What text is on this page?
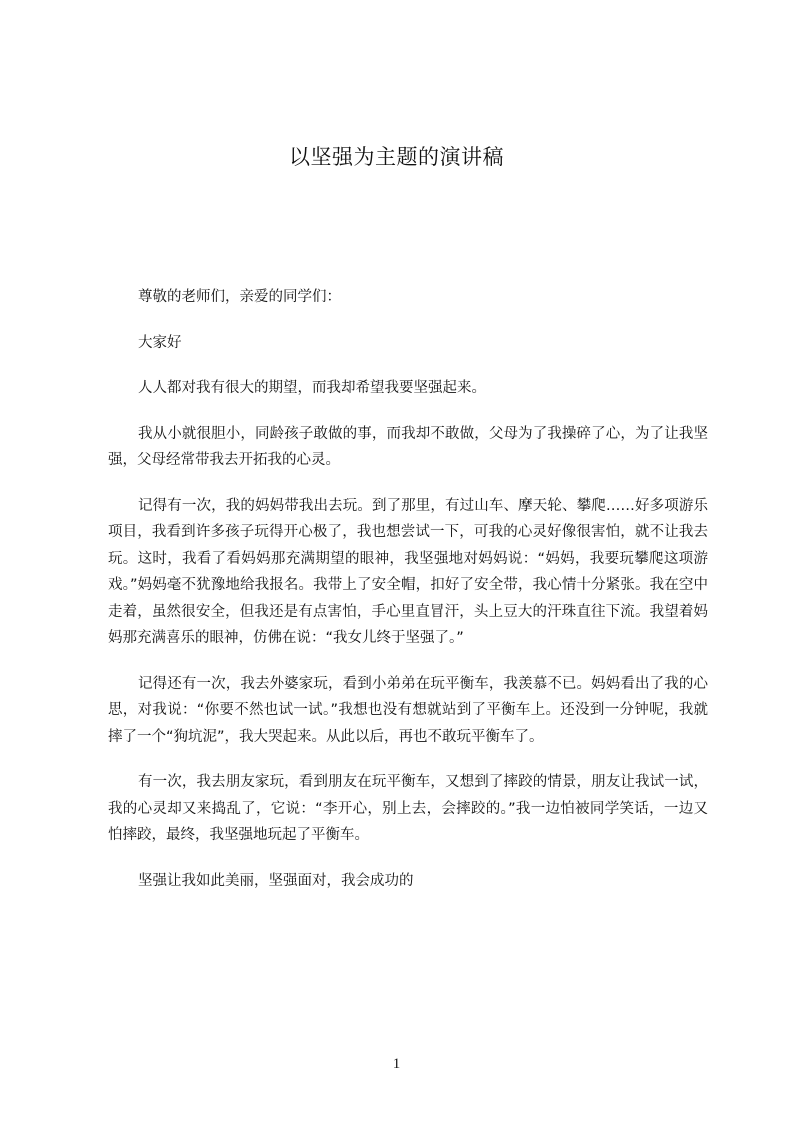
以坚强为主题的演讲稿

尊敬的老师们，亲爱的同学们：

大家好

人人都对我有很大的期望，而我却希望我要坚强起来。

我从小就很胆小，同龄孩子敢做的事，而我却不敢做，父母为了我操碎了心，为了让我坚强，父母经常带我去开拓我的心灵。

记得有一次，我的妈妈带我出去玩。到了那里，有过山车、摩天轮、攀爬……好多项游乐项目，我看到许多孩子玩得开心极了，我也想尝试一下，可我的心灵好像很害怕，就不让我去玩。这时，我看了看妈妈那充满期望的眼神，我坚强地对妈妈说：“妈妈，我要玩攀爬这项游戏。”妈妈毫不犹豫地给我报名。我带上了安全帽，扣好了安全带，我心情十分紧张。我在空中走着，虽然很安全，但我还是有点害怕，手心里直冒汗，头上豆大的汗珠直往下流。我望着妈妈那充满喜乐的眼神，仿佛在说：“我女儿终于坚强了。”

记得还有一次，我去外婆家玩，看到小弟弟在玩平衡车，我羡慕不已。妈妈看出了我的心思，对我说：“你要不然也试一试。”我想也没有想就站到了平衡车上。还没到一分钟呢，我就摔了一个“狗坑泥”，我大哭起来。从此以后，再也不敢玩平衡车了。

有一次，我去朋友家玩，看到朋友在玩平衡车，又想到了摔跤的情景，朋友让我试一试，我的心灵却又来捣乱了，它说：“李开心，别上去，会摔跤的。”我一边怕被同学笑话，一边又怕摔跤，最终，我坚强地玩起了平衡车。

坚强让我如此美丽，坚强面对，我会成功的

1
